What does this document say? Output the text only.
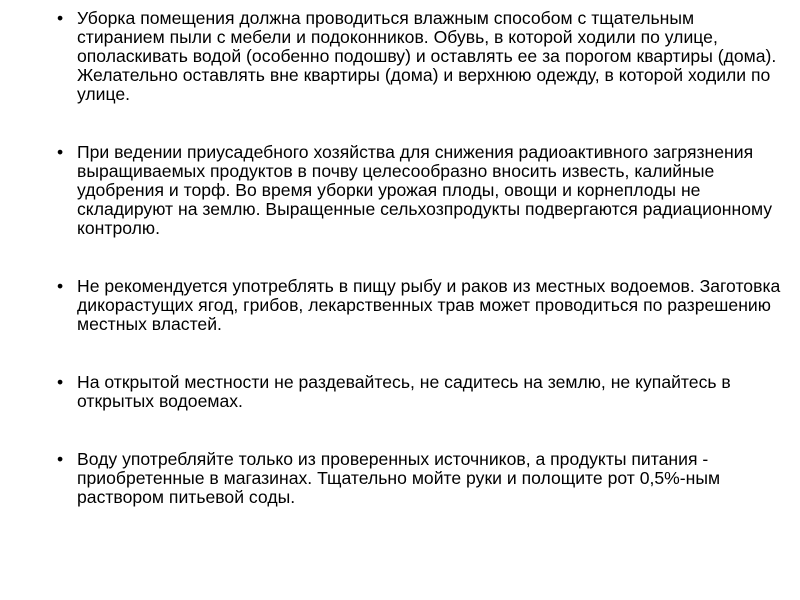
• Уборка помещения должна проводиться влажным способом с тщательным стиранием пыли с мебели и подоконников. Обувь, в которой ходили по улице, ополаскивать водой (особенно подошву) и оставлять ее за порогом квартиры (дома). Желательно оставлять вне квартиры (дома) и верхнюю одежду, в которой ходили по улице.
• При ведении приусадебного хозяйства для снижения радиоактивного загрязнения выращиваемых продуктов в почву целесообразно вносить известь, калийные удобрения и торф. Во время уборки урожая плоды, овощи и корнеплоды не складируют на землю. Выращенные сельхозпродукты подвергаются радиационному контролю.
• Не рекомендуется употреблять в пищу рыбу и раков из местных водоемов. Заготовка дикорастущих ягод, грибов, лекарственных трав может проводиться по разрешению местных властей.
• На открытой местности не раздевайтесь, не садитесь на землю, не купайтесь в открытых водоемах.
• Воду употребляйте только из проверенных источников, а продукты питания - приобретенные в магазинах. Тщательно мойте руки и полощите рот 0,5%-ным раствором питьевой соды.
